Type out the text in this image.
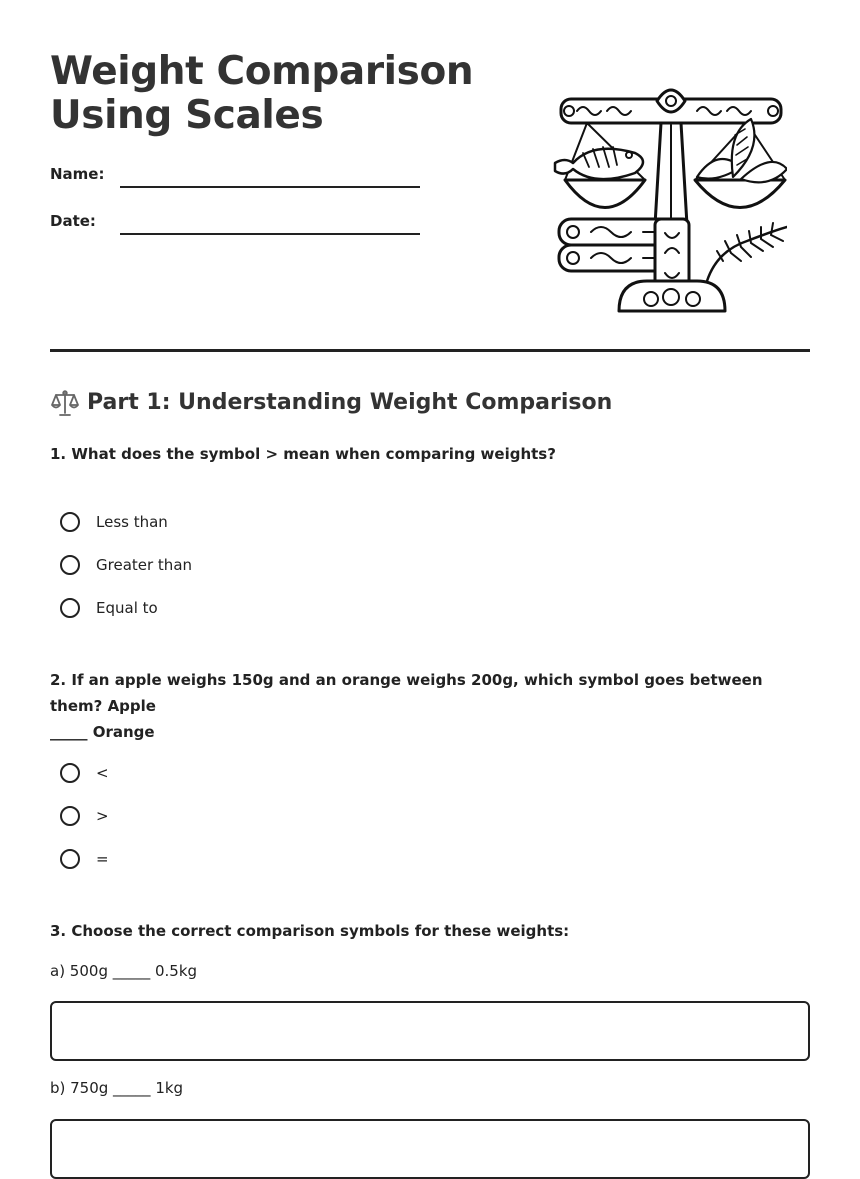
Weight Comparison
Using Scales
Name:
Date:
Part 1: Understanding Weight Comparison
1. What does the symbol > mean when comparing weights?
Less than
Greater than
Equal to
2. If an apple weighs 150g and an orange weighs 200g, which symbol goes between them? Apple
_____ Orange
<
>
=
3. Choose the correct comparison symbols for these weights:
a) 500g _____ 0.5kg
b) 750g _____ 1kg
